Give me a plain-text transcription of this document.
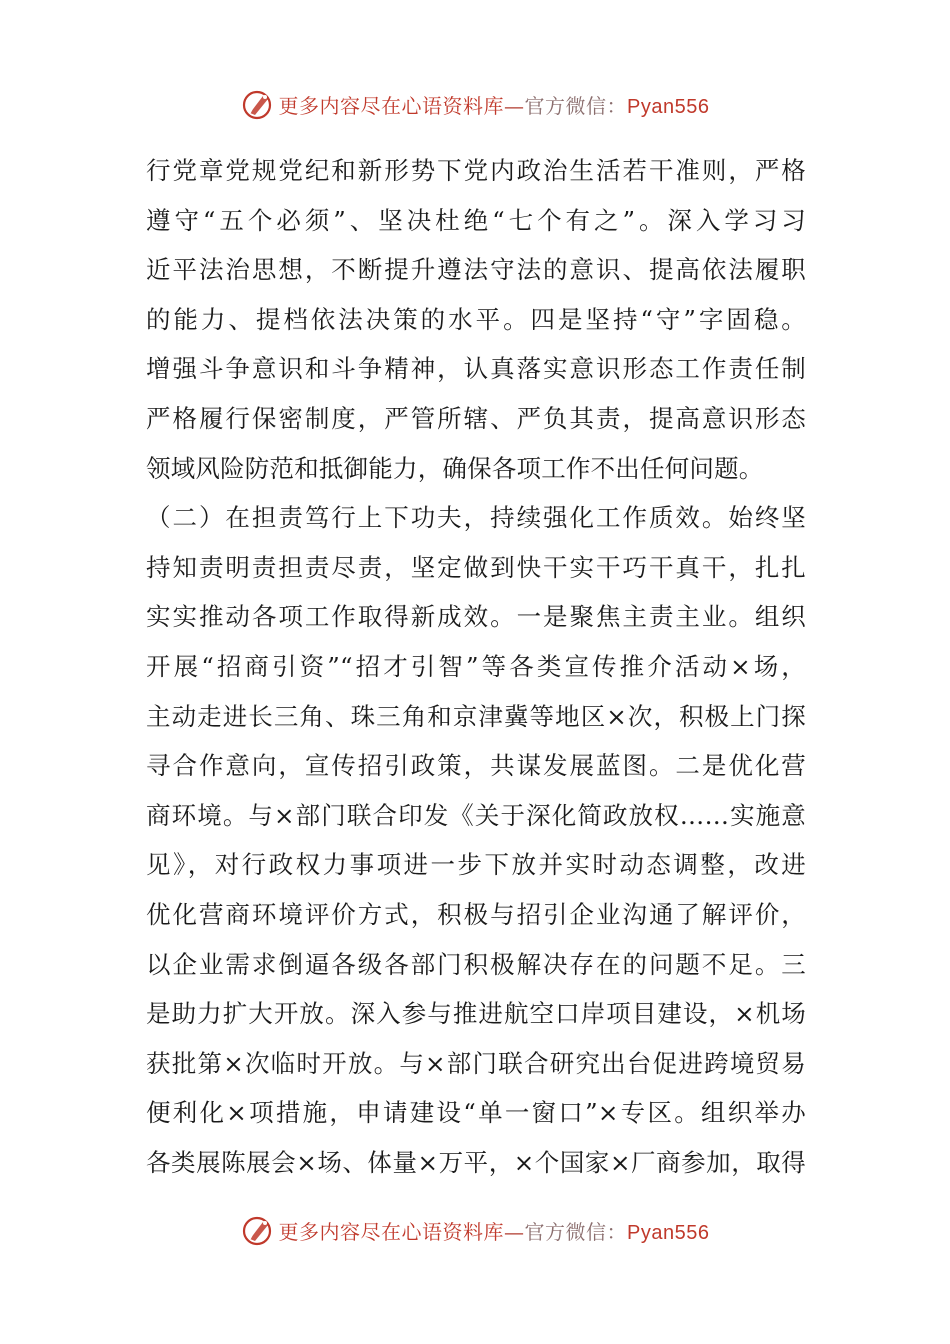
更多内容尽在心语资料库—官方微信：Pyan556
行党章党规党纪和新形势下党内政治生活若干准则，严格
遵守“五个必须”、坚决杜绝“七个有之”。深入学习习
近平法治思想，不断提升遵法守法的意识、提高依法履职
的能力、提档依法决策的水平。四是坚持“守”字固稳。
增强斗争意识和斗争精神，认真落实意识形态工作责任制
严格履行保密制度，严管所辖、严负其责，提高意识形态
领域风险防范和抵御能力，确保各项工作不出任何问题。
（二）在担责笃行上下功夫，持续强化工作质效。始终坚
持知责明责担责尽责，坚定做到快干实干巧干真干，扎扎
实实推动各项工作取得新成效。一是聚焦主责主业。组织
开展“招商引资”“招才引智”等各类宣传推介活动×场，
主动走进长三角、珠三角和京津冀等地区×次，积极上门探
寻合作意向，宣传招引政策，共谋发展蓝图。二是优化营
商环境。与×部门联合印发《关于深化简政放权……实施意
见》，对行政权力事项进一步下放并实时动态调整，改进
优化营商环境评价方式，积极与招引企业沟通了解评价，
以企业需求倒逼各级各部门积极解决存在的问题不足。三
是助力扩大开放。深入参与推进航空口岸项目建设，×机场
获批第×次临时开放。与×部门联合研究出台促进跨境贸易
便利化×项措施，申请建设“单一窗口”×专区。组织举办
各类展陈展会×场、体量×万平，×个国家×厂商参加，取得
更多内容尽在心语资料库—官方微信：Pyan556
